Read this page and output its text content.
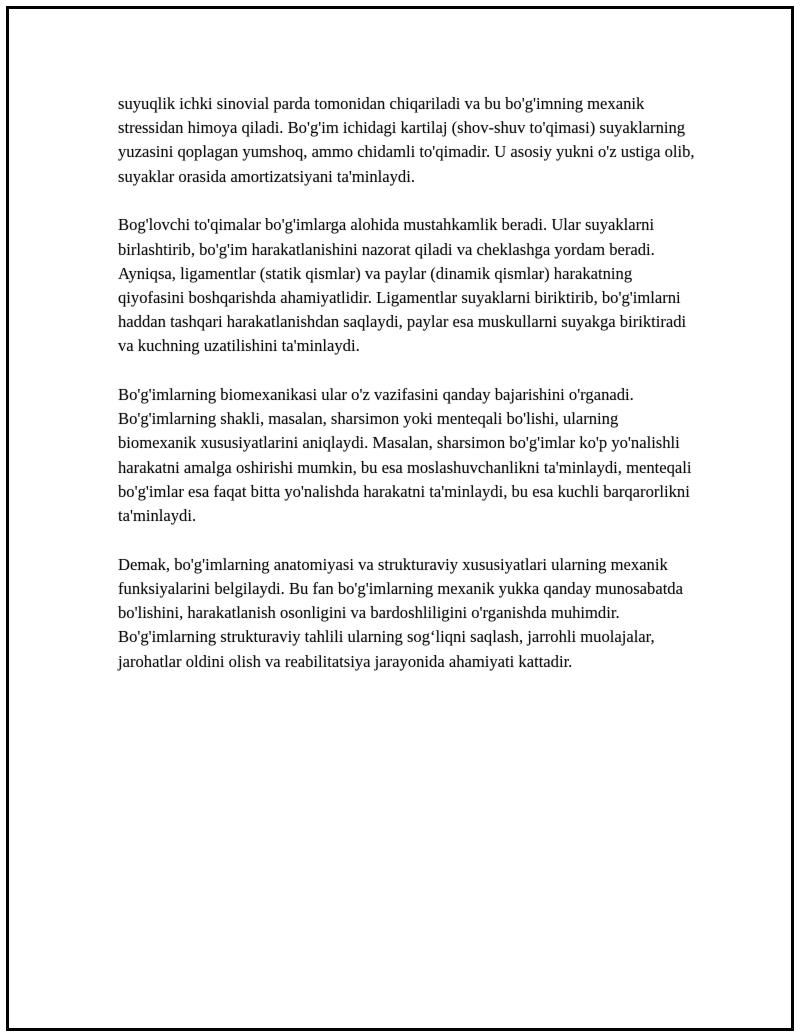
suyuqlik ichki sinovial parda tomonidan chiqariladi va bu bo'g'imning mexanik stressidan himoya qiladi. Bo'g'im ichidagi kartilaj (shov-shuv to'qimasi) suyaklarning yuzasini qoplagan yumshoq, ammo chidamli to'qimadir. U asosiy yukni o'z ustiga olib, suyaklar orasida amortizatsiyani ta'minlaydi.

Bog'lovchi to'qimalar bo'g'imlarga alohida mustahkamlik beradi. Ular suyaklarni birlashtirib, bo'g'im harakatlanishini nazorat qiladi va cheklashga yordam beradi. Ayniqsa, ligamentlar (statik qismlar) va paylar (dinamik qismlar) harakatning qiyofasini boshqarishda ahamiyatlidir. Ligamentlar suyaklarni biriktirib, bo'g'imlarni haddan tashqari harakatlanishdan saqlaydi, paylar esa muskullarni suyakga biriktiradi va kuchning uzatilishini ta'minlaydi.

Bo'g'imlarning biomexanikasi ular o'z vazifasini qanday bajarishini o'rganadi. Bo'g'imlarning shakli, masalan, sharsimon yoki menteqali bo'lishi, ularning biomexanik xususiyatlarini aniqlaydi. Masalan, sharsimon bo'g'imlar ko'p yo'nalishli harakatni amalga oshirishi mumkin, bu esa moslashuvchanlikni ta'minlaydi, menteqali bo'g'imlar esa faqat bitta yo'nalishda harakatni ta'minlaydi, bu esa kuchli barqarorlikni ta'minlaydi.

Demak, bo'g'imlarning anatomiyasi va strukturaviy xususiyatlari ularning mexanik funksiyalarini belgilaydi. Bu fan bo'g'imlarning mexanik yukka qanday munosabatda bo'lishini, harakatlanish osonligini va bardoshliligini o'rganishda muhimdir. Bo'g'imlarning strukturaviy tahlili ularning sog‘liqni saqlash, jarrohli muolajalar, jarohatlar oldini olish va reabilitatsiya jarayonida ahamiyati kattadir.
